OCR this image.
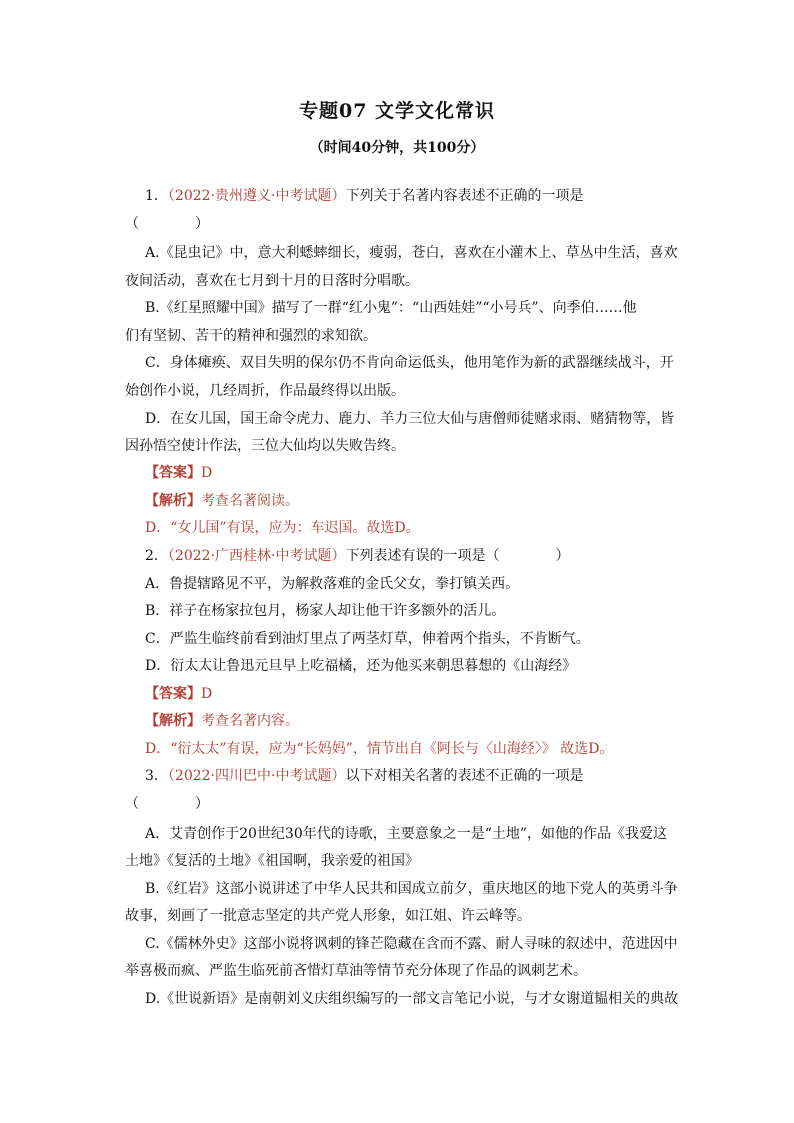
专题07 文学文化常识
（时间40分钟，共100分）
1．（2022·贵州遵义·中考试题）下列关于名著内容表述不正确的一项是
（　　　　）
A.《昆虫记》中，意大利蟋蟀细长，瘦弱，苍白，喜欢在小灌木上、草丛中生活，喜欢
夜间活动，喜欢在七月到十月的日落时分唱歌。
B.《红星照耀中国》描写了一群“红小鬼”：“山西娃娃”“小号兵”、向季伯……他
们有坚韧、苦干的精神和强烈的求知欲。
C．身体瘫痪、双目失明的保尔仍不肯向命运低头，他用笔作为新的武器继续战斗，开
始创作小说，几经周折，作品最终得以出版。
D．在女儿国，国王命令虎力、鹿力、羊力三位大仙与唐僧师徒赌求雨、赌猜物等，皆
因孙悟空使计作法，三位大仙均以失败告终。
【答案】D
【解析】考查名著阅读。
D．“女儿国”有误，应为：车迟国。故选D。
2．（2022·广西桂林·中考试题）下列表述有误的一项是（　　　　）
A．鲁提辖路见不平，为解救落难的金氏父女，拳打镇关西。
B．祥子在杨家拉包月，杨家人却让他干许多额外的活儿。
C．严监生临终前看到油灯里点了两茎灯草，伸着两个指头，不肯断气。
D．衍太太让鲁迅元旦早上吃福橘，还为他买来朝思暮想的《山海经》
【答案】D
【解析】考查名著内容。
D．“衍太太”有误，应为“长妈妈”，情节出自《阿长与〈山海经〉》 故选D。
3．（2022·四川巴中·中考试题）以下对相关名著的表述不正确的一项是
（　　　　）
A．艾青创作于20世纪30年代的诗歌，主要意象之一是“土地”，如他的作品《我爱这
土地》《复活的土地》《祖国啊，我亲爱的祖国》
B.《红岩》这部小说讲述了中华人民共和国成立前夕，重庆地区的地下党人的英勇斗争
故事，刻画了一批意志坚定的共产党人形象，如江姐、许云峰等。
C.《儒林外史》这部小说将讽刺的锋芒隐藏在含而不露、耐人寻味的叙述中，范进因中
举喜极而疯、严监生临死前吝惜灯草油等情节充分体现了作品的讽刺艺术。
D.《世说新语》是南朝刘义庆组织编写的一部文言笔记小说，与才女谢道韫相关的典故
